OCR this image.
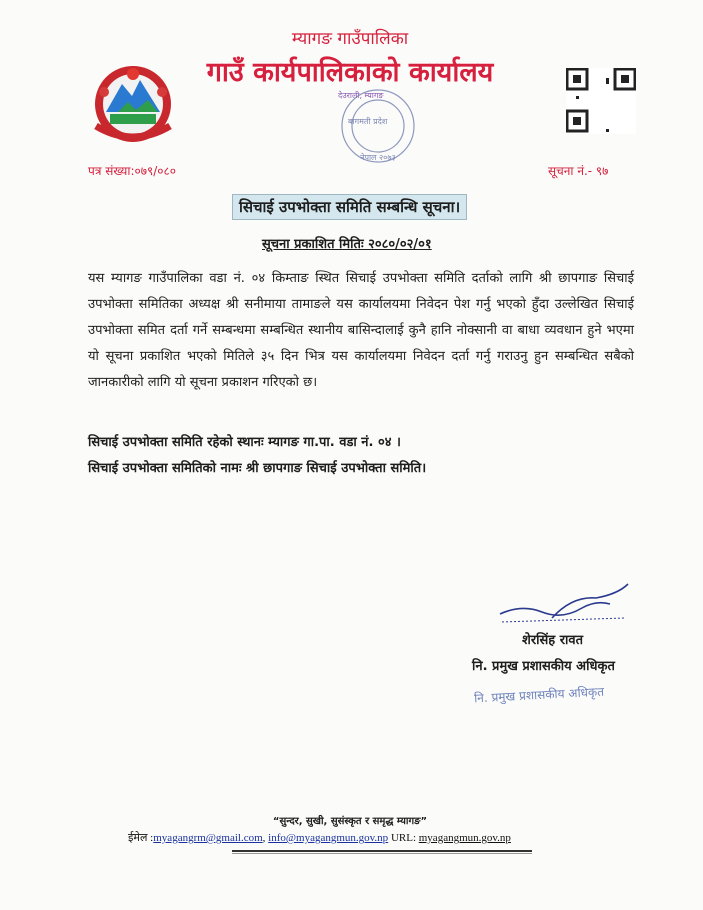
म्यागङ गाउँपालिका
गाउँ कार्यपालिकाको कार्यालय
देउराली, म्यागङ
बागमती प्रदेश
नेपाल २०७३
पत्र संख्या:०७९/०८०	सूचना नं.- ९७
सिचाई उपभोक्ता समिति सम्बन्धि सूचना।
सूचना प्रकाशित मितिः २०८०/०२/०१
यस म्यागङ गाउँपालिका वडा नं. ०४ किम्ताङ स्थित सिचाई उपभोक्ता समिति दर्ताको लागि श्री छापगाङ सिचाई उपभोक्ता समितिका अध्यक्ष श्री सनीमाया तामाङले यस कार्यालयमा निवेदन पेश गर्नु भएको हुँदा उल्लेखित सिचाई उपभोक्ता समित दर्ता गर्ने सम्बन्धमा सम्बन्धित स्थानीय बासिन्दालाई कुनै हानि नोक्सानी वा बाधा व्यवधान हुने भएमा यो सूचना प्रकाशित भएको मितिले ३५ दिन भित्र यस कार्यालयमा निवेदन दर्ता गर्नु गराउनु हुन सम्बन्धित सबैको जानकारीको लागि यो सूचना प्रकाशन गरिएको छ।
सिचाई उपभोक्ता समिति रहेको स्थानः म्यागङ गा.पा. वडा नं. ०४ ।
सिचाई उपभोक्ता समितिको नामः श्री छापगाङ सिचाई उपभोक्ता समिति।
शेरसिंह रावत
नि. प्रमुख प्रशासकीय अधिकृत
नि. प्रमुख प्रशासकीय अधिकृत
“सुन्दर, सुखी, सुसंस्कृत र समृद्ध म्यागङ”
ईमेल :myagangrm@gmail.com, info@myagangmun.gov.np URL: myagangmun.gov.np
